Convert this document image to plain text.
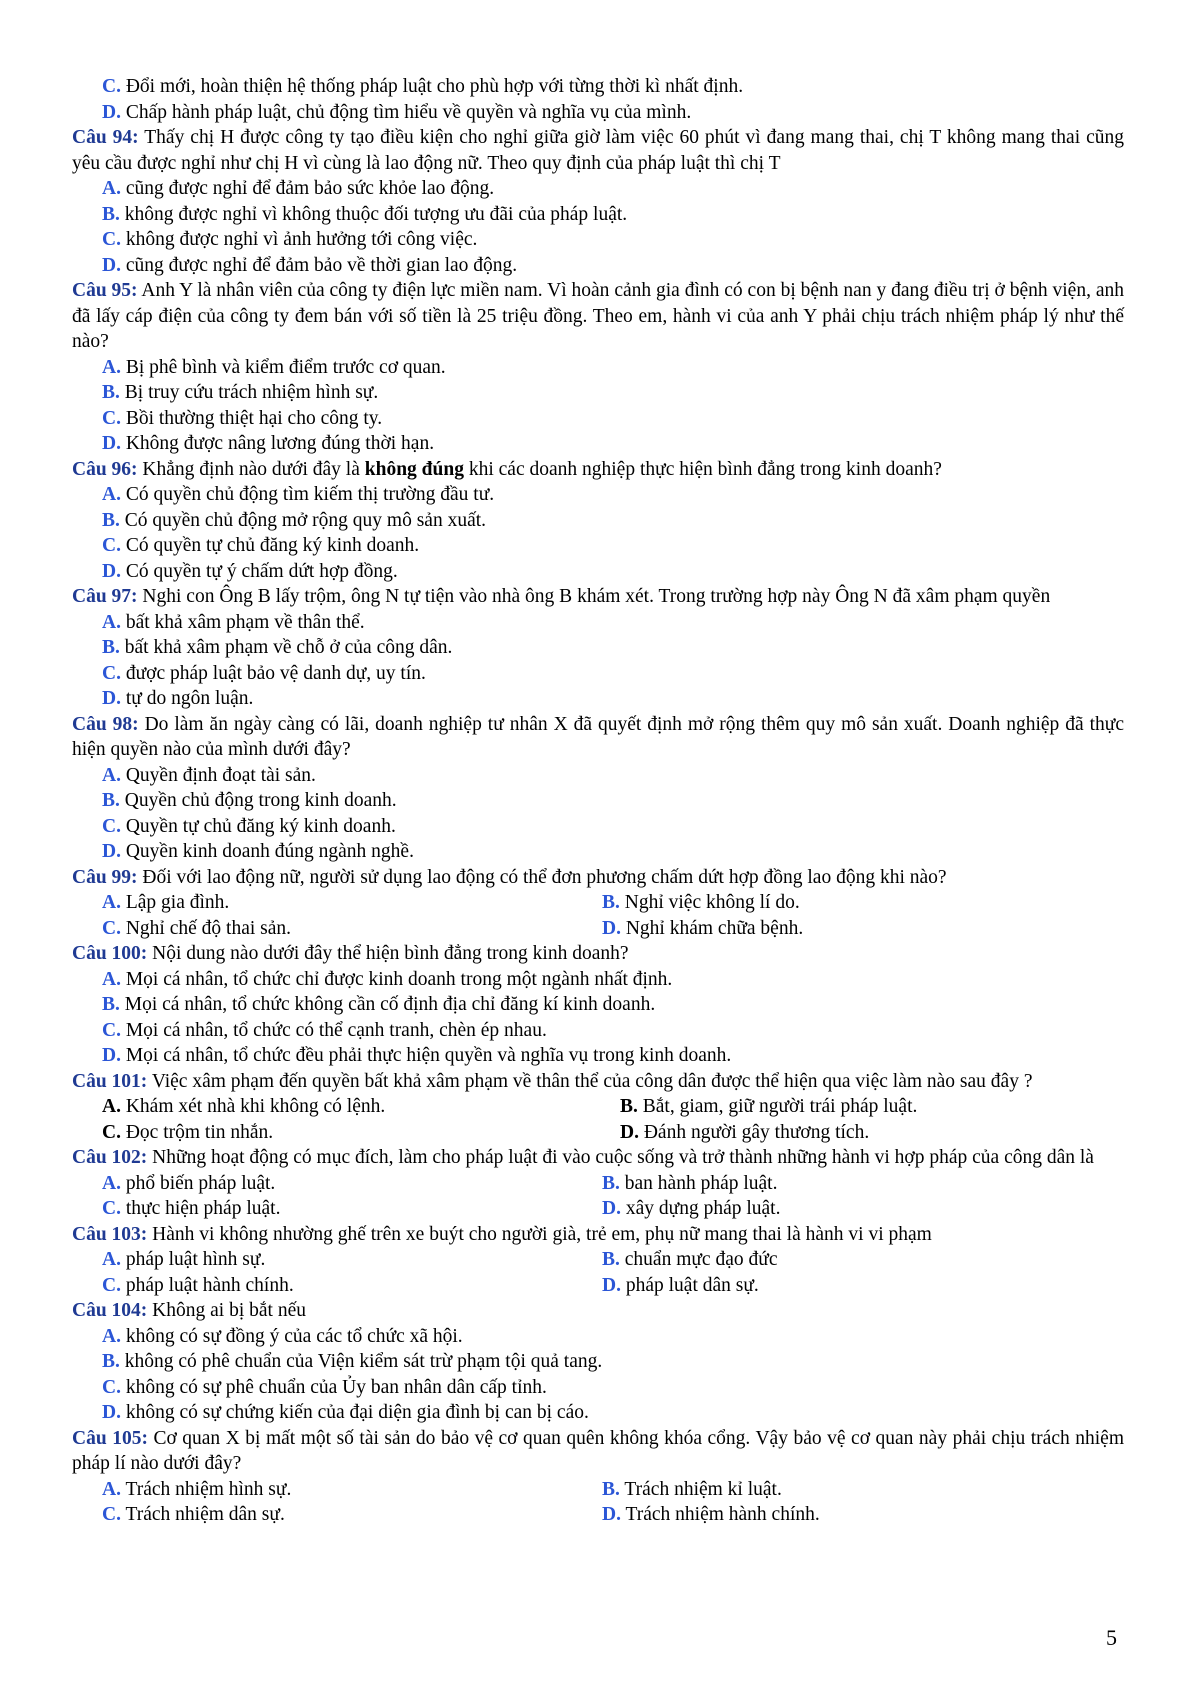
C. Đổi mới, hoàn thiện hệ thống pháp luật cho phù hợp với từng thời kì nhất định.
D. Chấp hành pháp luật, chủ động tìm hiểu về quyền và nghĩa vụ của mình.
Câu 94: Thấy chị H được công ty tạo điều kiện cho nghỉ giữa giờ làm việc 60 phút vì đang mang thai, chị T không mang thai cũng yêu cầu được nghỉ như chị H vì cùng là lao động nữ. Theo quy định của pháp luật thì chị T
A. cũng được nghỉ để đảm bảo sức khỏe lao động.
B. không được nghỉ vì không thuộc đối tượng ưu đãi của pháp luật.
C. không được nghỉ vì ảnh hưởng tới công việc.
D. cũng được nghỉ để đảm bảo về thời gian lao động.
Câu 95: Anh Y là nhân viên của công ty điện lực miền nam. Vì hoàn cảnh gia đình có con bị bệnh nan y đang điều trị ở bệnh viện, anh đã lấy cáp điện của công ty đem bán với số tiền là 25 triệu đồng. Theo em, hành vi của anh Y phải chịu trách nhiệm pháp lý như thế nào?
A. Bị phê bình và kiểm điểm trước cơ quan.
B. Bị truy cứu trách nhiệm hình sự.
C. Bồi thường thiệt hại cho công ty.
D. Không được nâng lương đúng thời hạn.
Câu 96: Khẳng định nào dưới đây là không đúng khi các doanh nghiệp thực hiện bình đẳng trong kinh doanh?
A. Có quyền chủ động tìm kiếm thị trường đầu tư.
B. Có quyền chủ động mở rộng quy mô sản xuất.
C. Có quyền tự chủ đăng ký kinh doanh.
D. Có quyền tự ý chấm dứt hợp đồng.
Câu 97: Nghi con Ông B lấy trộm, ông N tự tiện vào nhà ông B khám xét. Trong trường hợp này Ông N đã xâm phạm quyền
A. bất khả xâm phạm về thân thể.
B. bất khả xâm phạm về chỗ ở của công dân.
C. được pháp luật bảo vệ danh dự, uy tín.
D. tự do ngôn luận.
Câu 98: Do làm ăn ngày càng có lãi, doanh nghiệp tư nhân X đã quyết định mở rộng thêm quy mô sản xuất. Doanh nghiệp đã thực hiện quyền nào của mình dưới đây?
A. Quyền định đoạt tài sản.
B. Quyền chủ động trong kinh doanh.
C. Quyền tự chủ đăng ký kinh doanh.
D. Quyền kinh doanh đúng ngành nghề.
Câu 99: Đối với lao động nữ, người sử dụng lao động có thể đơn phương chấm dứt hợp đồng lao động khi nào?
A. Lập gia đình.	B. Nghỉ việc không lí do.
C. Nghỉ chế độ thai sản.	D. Nghỉ khám chữa bệnh.
Câu 100: Nội dung nào dưới đây thể hiện bình đẳng trong kinh doanh?
A. Mọi cá nhân, tổ chức chỉ được kinh doanh trong một ngành nhất định.
B. Mọi cá nhân, tổ chức không cần cố định địa chỉ đăng kí kinh doanh.
C. Mọi cá nhân, tổ chức có thể cạnh tranh, chèn ép nhau.
D. Mọi cá nhân, tổ chức đều phải thực hiện quyền và nghĩa vụ trong kinh doanh.
Câu 101: Việc xâm phạm đến quyền bất khả xâm phạm về thân thể của công dân được thể hiện qua việc làm nào sau đây ?
A. Khám xét nhà khi không có lệnh.	B. Bắt, giam, giữ người trái pháp luật.
C. Đọc trộm tin nhắn.	D. Đánh người gây thương tích.
Câu 102: Những hoạt động có mục đích, làm cho pháp luật đi vào cuộc sống và trở thành những hành vi hợp pháp của công dân là
A. phổ biến pháp luật.	B. ban hành pháp luật.
C. thực hiện pháp luật.	D. xây dựng pháp luật.
Câu 103: Hành vi không nhường ghế trên xe buýt cho người già, trẻ em, phụ nữ mang thai là hành vi vi phạm
A. pháp luật hình sự.	B. chuẩn mực đạo đức
C. pháp luật hành chính.	D. pháp luật dân sự.
Câu 104: Không ai bị bắt nếu
A. không có sự đồng ý của các tổ chức xã hội.
B. không có phê chuẩn của Viện kiểm sát trừ phạm tội quả tang.
C. không có sự phê chuẩn của Ủy ban nhân dân cấp tỉnh.
D. không có sự chứng kiến của đại diện gia đình bị can bị cáo.
Câu 105: Cơ quan X bị mất một số tài sản do bảo vệ cơ quan quên không khóa cổng. Vậy bảo vệ cơ quan này phải chịu trách nhiệm pháp lí nào dưới đây?
A. Trách nhiệm hình sự.	B. Trách nhiệm kỉ luật.
C. Trách nhiệm dân sự.	D. Trách nhiệm hành chính.
5
